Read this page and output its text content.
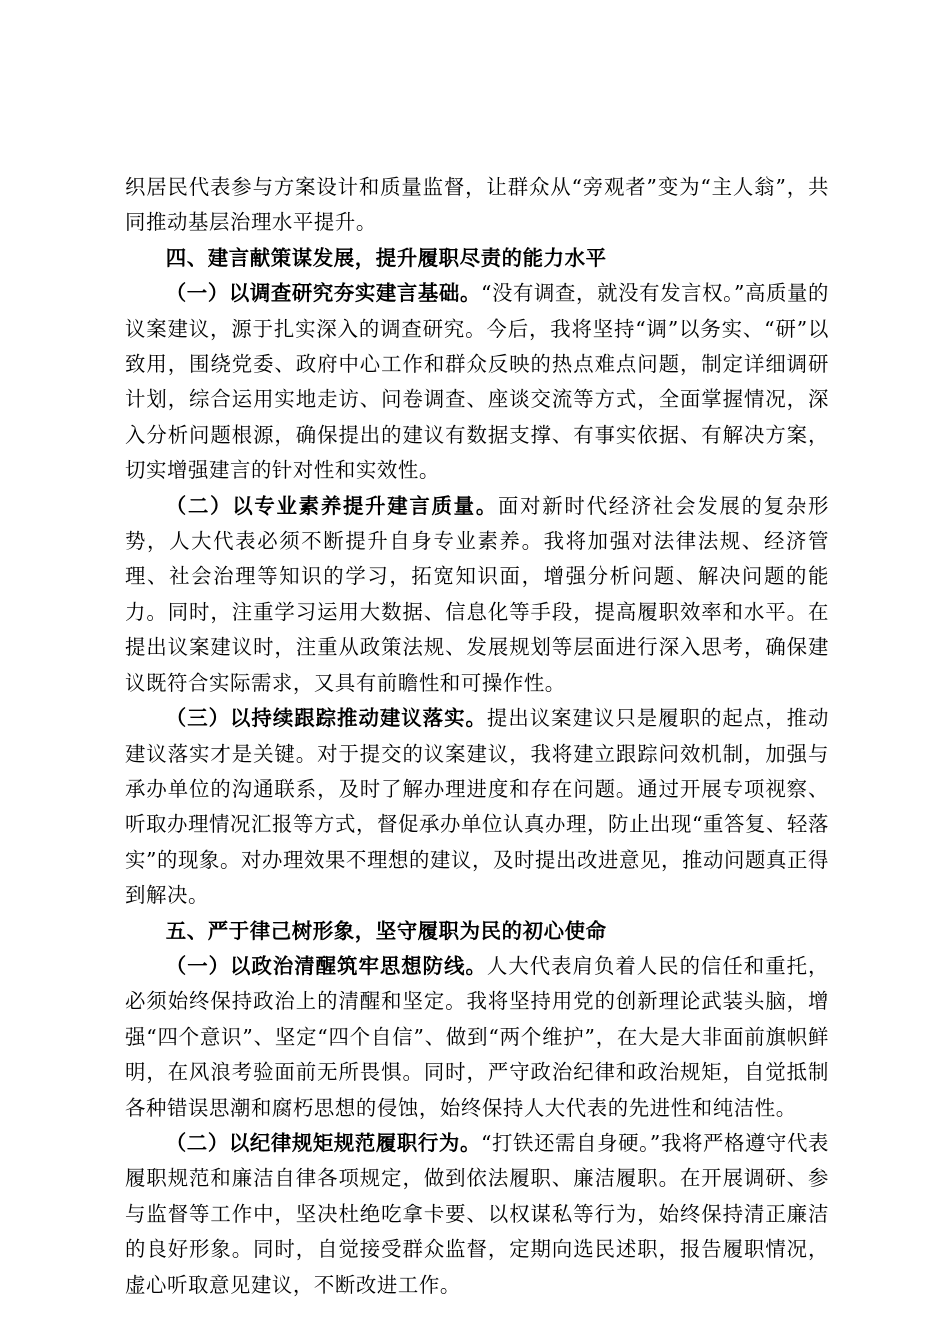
织居民代表参与方案设计和质量监督，让群众从“旁观者”变为“主人翁”，共同推动基层治理水平提升。

四、建言献策谋发展，提升履职尽责的能力水平

（一）以调查研究夯实建言基础。“没有调查，就没有发言权。”高质量的议案建议，源于扎实深入的调查研究。今后，我将坚持“调”以务实、“研”以致用，围绕党委、政府中心工作和群众反映的热点难点问题，制定详细调研计划，综合运用实地走访、问卷调查、座谈交流等方式，全面掌握情况，深入分析问题根源，确保提出的建议有数据支撑、有事实依据、有解决方案，切实增强建言的针对性和实效性。

（二）以专业素养提升建言质量。面对新时代经济社会发展的复杂形势，人大代表必须不断提升自身专业素养。我将加强对法律法规、经济管理、社会治理等知识的学习，拓宽知识面，增强分析问题、解决问题的能力。同时，注重学习运用大数据、信息化等手段，提高履职效率和水平。在提出议案建议时，注重从政策法规、发展规划等层面进行深入思考，确保建议既符合实际需求，又具有前瞻性和可操作性。

（三）以持续跟踪推动建议落实。提出议案建议只是履职的起点，推动建议落实才是关键。对于提交的议案建议，我将建立跟踪问效机制，加强与承办单位的沟通联系，及时了解办理进度和存在问题。通过开展专项视察、听取办理情况汇报等方式，督促承办单位认真办理，防止出现“重答复、轻落实”的现象。对办理效果不理想的建议，及时提出改进意见，推动问题真正得到解决。

五、严于律己树形象，坚守履职为民的初心使命

（一）以政治清醒筑牢思想防线。人大代表肩负着人民的信任和重托，必须始终保持政治上的清醒和坚定。我将坚持用党的创新理论武装头脑，增强“四个意识”、坚定“四个自信”、做到“两个维护”，在大是大非面前旗帜鲜明，在风浪考验面前无所畏惧。同时，严守政治纪律和政治规矩，自觉抵制各种错误思潮和腐朽思想的侵蚀，始终保持人大代表的先进性和纯洁性。

（二）以纪律规矩规范履职行为。“打铁还需自身硬。”我将严格遵守代表履职规范和廉洁自律各项规定，做到依法履职、廉洁履职。在开展调研、参与监督等工作中，坚决杜绝吃拿卡要、以权谋私等行为，始终保持清正廉洁的良好形象。同时，自觉接受群众监督，定期向选民述职，报告履职情况，虚心听取意见建议，不断改进工作。
